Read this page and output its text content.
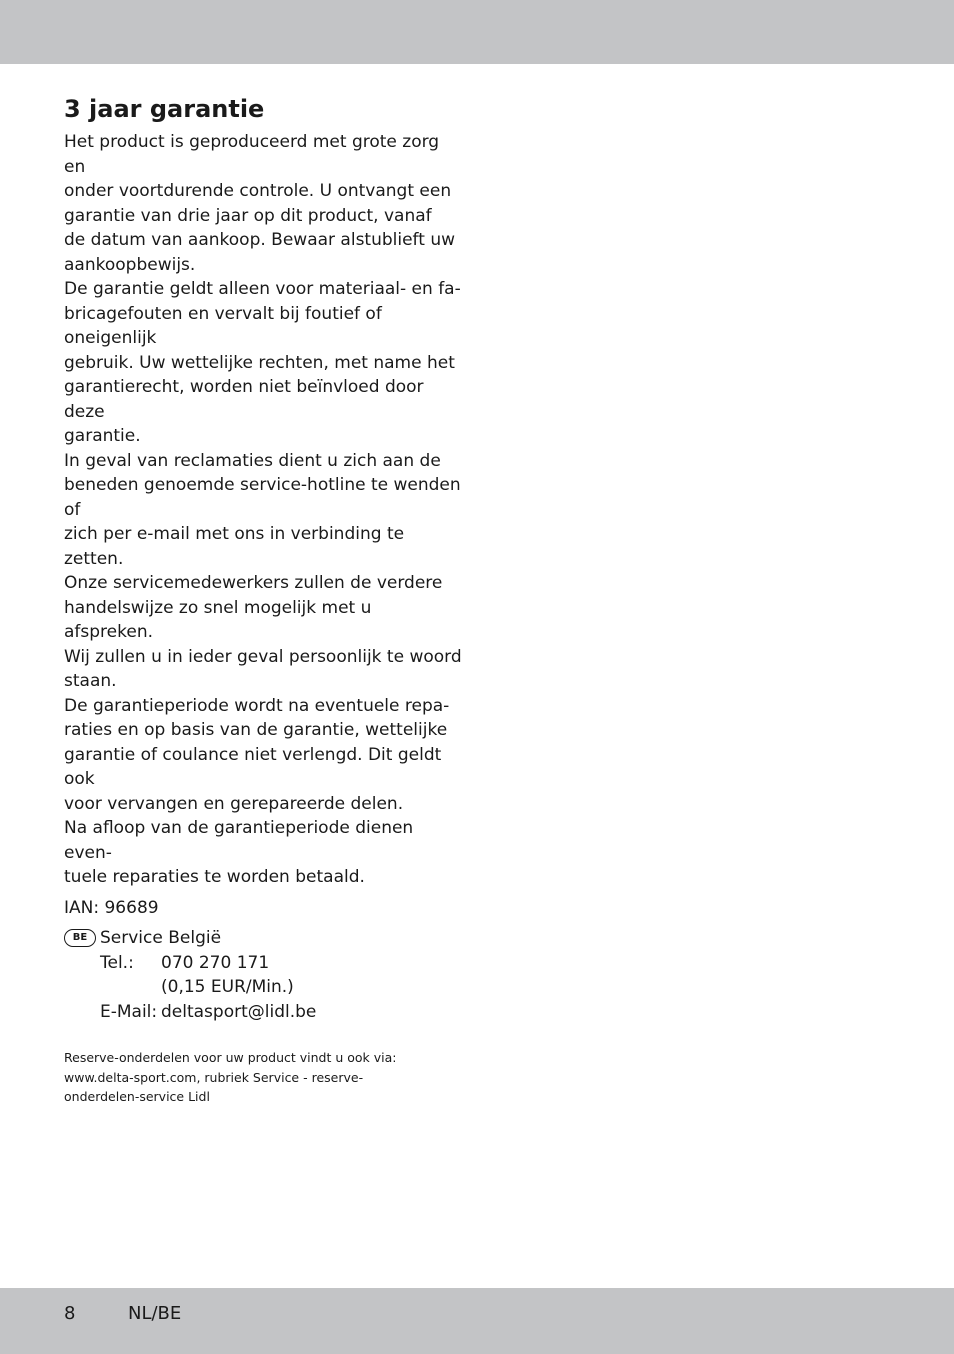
3 jaar garantie

Het product is geproduceerd met grote zorg en
onder voortdurende controle. U ontvangt een
garantie van drie jaar op dit product, vanaf
de datum van aankoop. Bewaar alstublieft uw
aankoopbewijs.

De garantie geldt alleen voor materiaal- en fa-
bricagefouten en vervalt bij foutief of oneigenlijk
gebruik. Uw wettelijke rechten, met name het
garantierecht, worden niet beïnvloed door deze
garantie.

In geval van reclamaties dient u zich aan de
beneden genoemde service-hotline te wenden of
zich per e-mail met ons in verbinding te zetten.
Onze servicemedewerkers zullen de verdere
handelswijze zo snel mogelijk met u afspreken.
Wij zullen u in ieder geval persoonlijk te woord
staan.

De garantieperiode wordt na eventuele repa-
raties en op basis van de garantie, wettelijke
garantie of coulance niet verlengd. Dit geldt ook
voor vervangen en gerepareerde delen.

Na afloop van de garantieperiode dienen even-
tuele reparaties te worden betaald.

IAN: 96689
BE Service België
Tel.:	070 270 171
(0,15 EUR/Min.)
E-Mail: deltasport@lidl.be
Reserve-onderdelen voor uw product vindt u ook via:
www.delta-sport.com, rubriek Service - reserve-
onderdelen-service Lidl
8	NL/BE
